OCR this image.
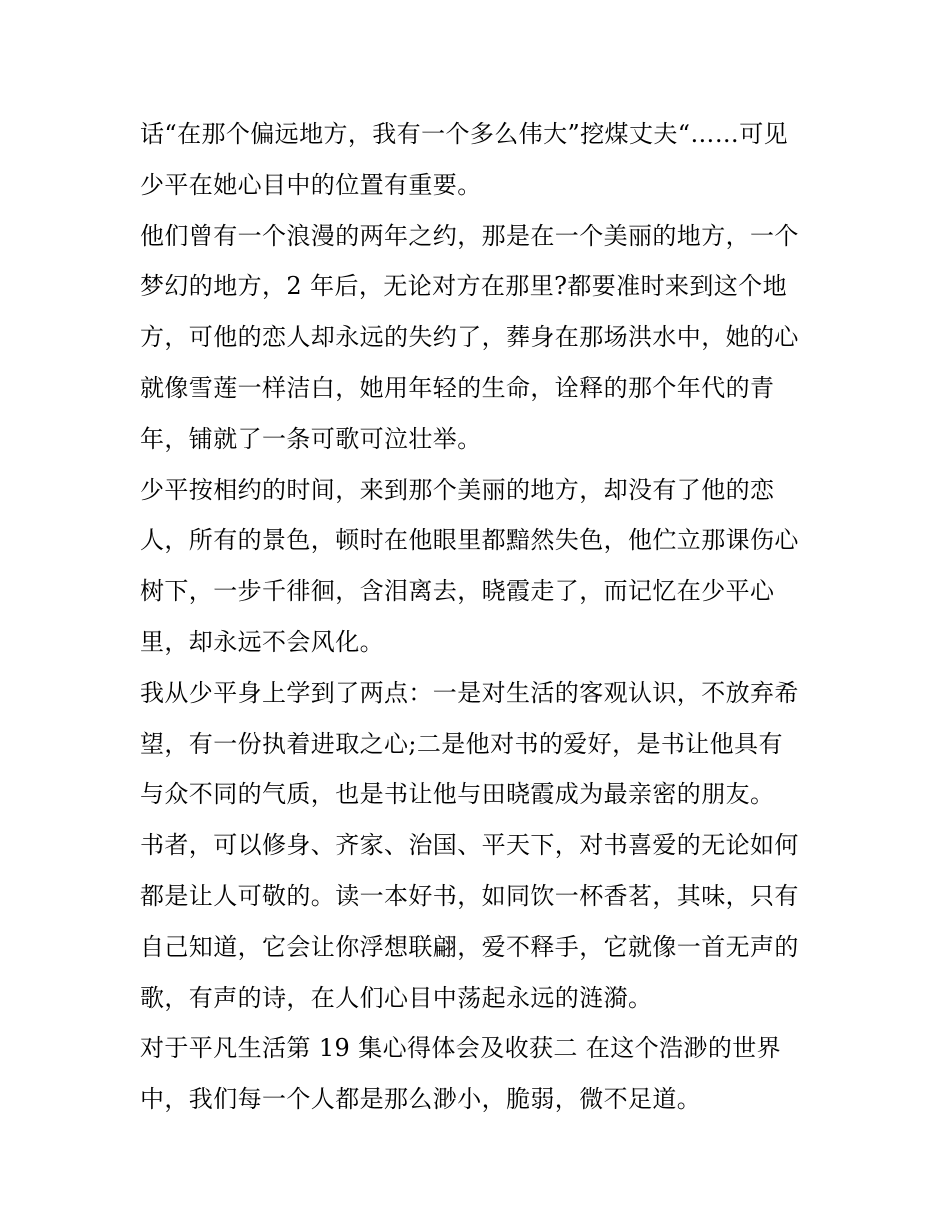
话“在那个偏远地方，我有一个多么伟大”挖煤丈夫“……可见
少平在她心目中的位置有重要。
他们曾有一个浪漫的两年之约，那是在一个美丽的地方，一个
梦幻的地方，2 年后，无论对方在那里?都要准时来到这个地
方，可他的恋人却永远的失约了，葬身在那场洪水中，她的心
就像雪莲一样洁白，她用年轻的生命，诠释的那个年代的青
年，铺就了一条可歌可泣壮举。
少平按相约的时间，来到那个美丽的地方，却没有了他的恋
人，所有的景色，顿时在他眼里都黯然失色，他伫立那课伤心
树下，一步千徘徊，含泪离去，晓霞走了，而记忆在少平心
里，却永远不会风化。
我从少平身上学到了两点：一是对生活的客观认识，不放弃希
望，有一份执着进取之心;二是他对书的爱好，是书让他具有
与众不同的气质，也是书让他与田晓霞成为最亲密的朋友。
书者，可以修身、齐家、治国、平天下，对书喜爱的无论如何
都是让人可敬的。读一本好书，如同饮一杯香茗，其味，只有
自己知道，它会让你浮想联翩，爱不释手，它就像一首无声的
歌，有声的诗，在人们心目中荡起永远的涟漪。
对于平凡生活第 19 集心得体会及收获二 在这个浩渺的世界
中，我们每一个人都是那么渺小，脆弱，微不足道。
